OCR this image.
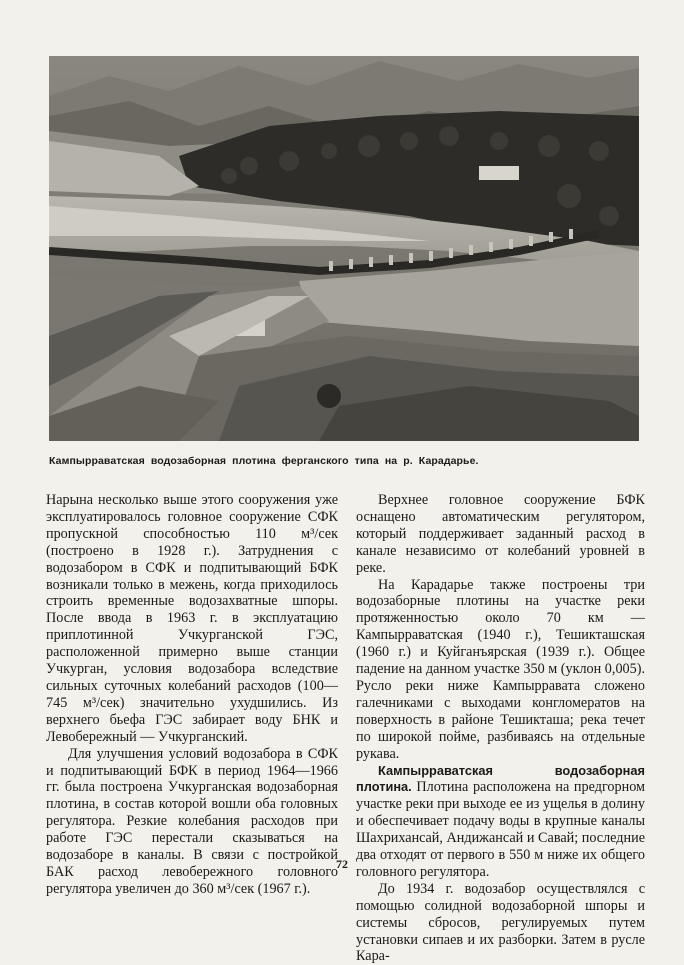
Кампырраватская водозаборная плотина ферганского типа на р. Карадарье.

Нарына несколько выше этого сооружения уже эксплуатировалось головное сооружение СФК пропускной способностью 110 м³/сек (построено в 1928 г.). Затруднения с водозабором в СФК и подпитывающий БФК возникали только в межень, когда приходилось строить временные водозахватные шпоры. После ввода в 1963 г. в эксплуатацию приплотинной Учкурганской ГЭС, расположенной примерно выше станции Учкурган, условия водозабора вследствие сильных суточных колебаний расходов (100—745 м³/сек) значительно ухудшились. Из верхнего бьефа ГЭС забирает воду БНК и Левобережный — Учкурганский.

Для улучшения условий водозабора в СФК и подпитывающий БФК в период 1964—1966 гг. была построена Учкурганская водозаборная плотина, в состав которой вошли оба головных регулятора. Резкие колебания расходов при работе ГЭС перестали сказываться на водозаборе в каналы. В связи с постройкой БАК расход левобережного головного регулятора увеличен до 360 м³/сек (1967 г.).

Верхнее головное сооружение БФК оснащено автоматическим регулятором, который поддерживает заданный расход в канале независимо от колебаний уровней в реке.

На Карадарье также построены три водозаборные плотины на участке реки протяженностью около 70 км — Кампырраватская (1940 г.), Тешикташская (1960 г.) и Куйганъярская (1939 г.). Общее падение на данном участке 350 м (уклон 0,005). Русло реки ниже Кампырравата сложено галечниками с выходами конгломератов на поверхность в районе Тешикташа; река течет по широкой пойме, разбиваясь на отдельные рукава.

Кампырраватская водозаборная плотина. Плотина расположена на предгорном участке реки при выходе ее из ущелья в долину и обеспечивает подачу воды в крупные каналы Шахриханcай, Андижансай и Савай; последние два отходят от первого в 550 м ниже их общего головного регулятора.

До 1934 г. водозабор осуществлялся с помощью солидной водозаборной шпоры и системы сбросов, регулируемых путем установки сипаев и их разборки. Затем в русле Кара-

72
